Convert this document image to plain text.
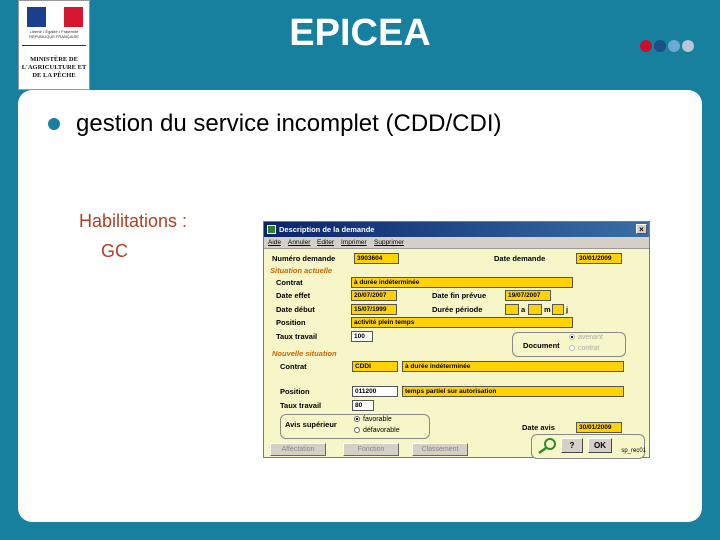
Liberté • Égalité • Fraternité
RÉPUBLIQUE FRANÇAISE
MINISTÈRE DE L'AGRICULTURE ET DE LA PÊCHE
EPICEA
gestion du service incomplet (CDD/CDI)
Habilitations :
GC
Description de la demande	×
Aide Annuler Editer Imprimer Supprimer
Numéro demande	3903604	Date demande	30/01/2009
Situation actuelle
Contrat	à durée indéterminée
Date effet	20/07/2007	Date fin prévue	19/07/2007
Date début	15/07/1999	Durée période	a	m j
Position	activité plein temps
Taux travail	100
Document
avenant
contrat
Nouvelle situation
Contrat	CDDI	à durée indéterminée
Position	011200	temps partiel sur autorisation
Taux travail	80
Avis supérieur
favorable
défavorable	Date avis	30/01/2009
Affectation	Fonction	Classement	?	OK
sp_rec01
